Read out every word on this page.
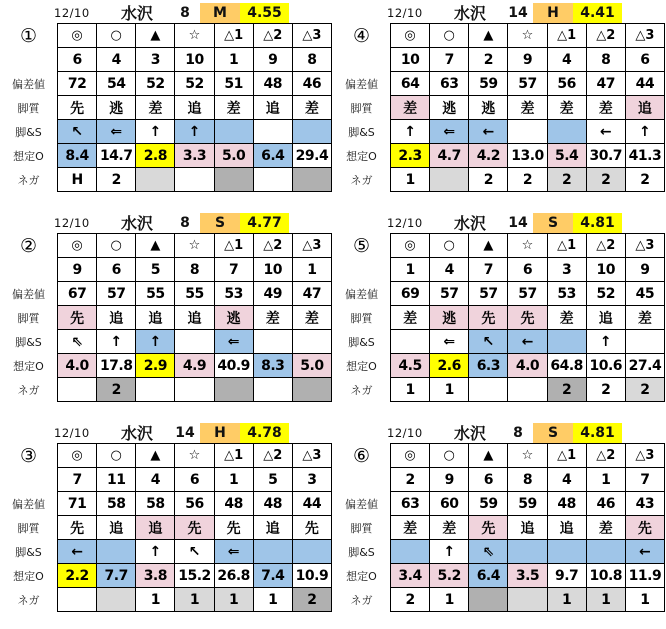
12/10	水沢	8	M	4.55
①	◎	○	▲	☆	△1	△2	△3
	6	4	3	10	1	9	8
偏差値	72	54	52	52	51	48	46
脚質	先	逃	差	追	差	追	差
脚&S	↖	⇐	↑	↑			
想定O	8.4	14.7	2.8	3.3	5.0	6.4	29.4
ネガ	H	2					
12/10	水沢	14	H	4.41
④	◎	○	▲	☆	△1	△2	△3
	10	7	2	9	4	8	6
偏差値	64	63	59	57	56	47	44
脚質	差	逃	逃	差	差	差	追
脚&S	↑	⇐	←			←	↑
想定O	2.3	4.7	4.2	13.0	5.4	30.7	41.3
ネガ	1		2	2	2	2	2
12/10	水沢	8	S	4.77
②	◎	○	▲	☆	△1	△2	△3
	9	6	5	8	7	10	1
偏差値	67	57	55	55	53	49	47
脚質	先	追	追	追	逃	差	差
脚&S	⇖	↑	↑		⇐		
想定O	4.0	17.8	2.9	4.9	40.9	8.3	5.0
ネガ		2					
12/10	水沢	14	S	4.81
⑤	◎	○	▲	☆	△1	△2	△3
	1	4	7	6	3	10	9
偏差値	69	57	57	57	53	52	45
脚質	差	逃	先	先	差	追	差
脚&S		⇐	↖	←		↑	
想定O	4.5	2.6	6.3	4.0	64.8	10.6	27.4
ネガ	1	1			2	2	2
12/10	水沢	14	H	4.78
③	◎	○	▲	☆	△1	△2	△3
	7	11	4	6	1	5	3
偏差値	71	58	58	56	48	48	44
脚質	先	追	追	先	先	追	先
脚&S	←		↑	↖	⇐		
想定O	2.2	7.7	3.8	15.2	26.8	7.4	10.9
ネガ			1	1	1	1	2
12/10	水沢	8	S	4.81
⑥	◎	○	▲	☆	△1	△2	△3
	2	9	6	8	4	1	7
偏差値	63	60	59	59	48	46	43
脚質	差	差	先	追	追	差	先
脚&S		↑	⇖				←
想定O	3.4	5.2	6.4	3.5	9.7	10.8	11.9
ネガ	2	1			1	1	1
